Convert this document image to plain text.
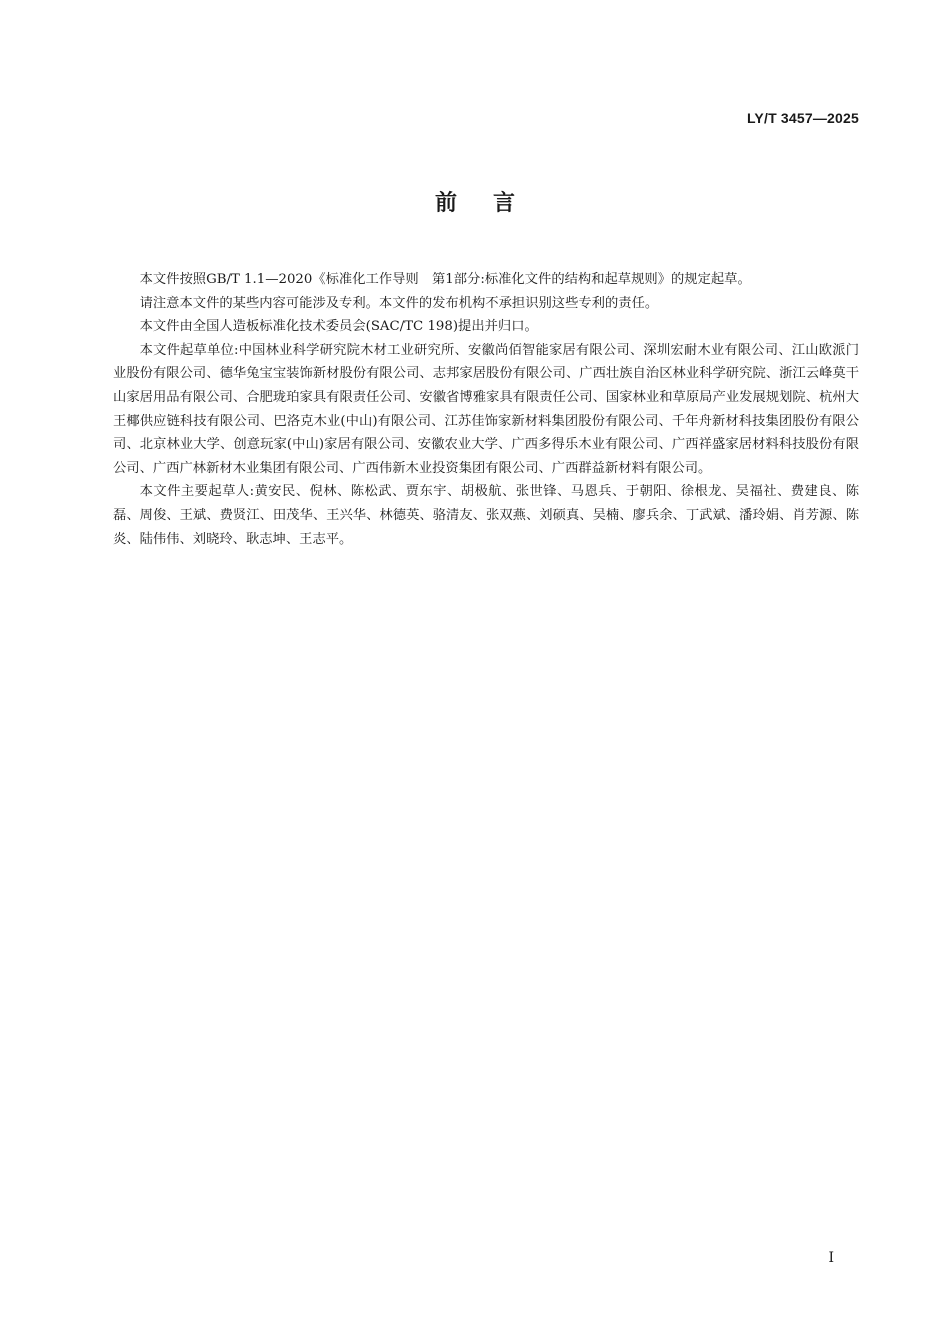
LY/T 3457—2025
前言

本文件按照GB/T 1.1—2020《标准化工作导则　第1部分:标准化文件的结构和起草规则》的规定起草。

请注意本文件的某些内容可能涉及专利。本文件的发布机构不承担识别这些专利的责任。

本文件由全国人造板标准化技术委员会(SAC/TC 198)提出并归口。

本文件起草单位:中国林业科学研究院木材工业研究所、安徽尚佰智能家居有限公司、深圳宏耐木业有限公司、江山欧派门业股份有限公司、德华兔宝宝装饰新材股份有限公司、志邦家居股份有限公司、广西壮族自治区林业科学研究院、浙江云峰莫干山家居用品有限公司、合肥珑珀家具有限责任公司、安徽省博雅家具有限责任公司、国家林业和草原局产业发展规划院、杭州大王椰供应链科技有限公司、巴洛克木业(中山)有限公司、江苏佳饰家新材料集团股份有限公司、千年舟新材科技集团股份有限公司、北京林业大学、创意玩家(中山)家居有限公司、安徽农业大学、广西多得乐木业有限公司、广西祥盛家居材料科技股份有限公司、广西广林新材木业集团有限公司、广西伟新木业投资集团有限公司、广西群益新材料有限公司。

本文件主要起草人:黄安民、倪林、陈松武、贾东宇、胡极航、张世锋、马恩兵、于朝阳、徐根龙、吴福社、费建良、陈磊、周俊、王斌、费贤江、田茂华、王兴华、林德英、骆清友、张双燕、刘硕真、吴楠、廖兵余、丁武斌、潘玲娟、肖芳源、陈炎、陆伟伟、刘晓玲、耿志坤、王志平。

I
